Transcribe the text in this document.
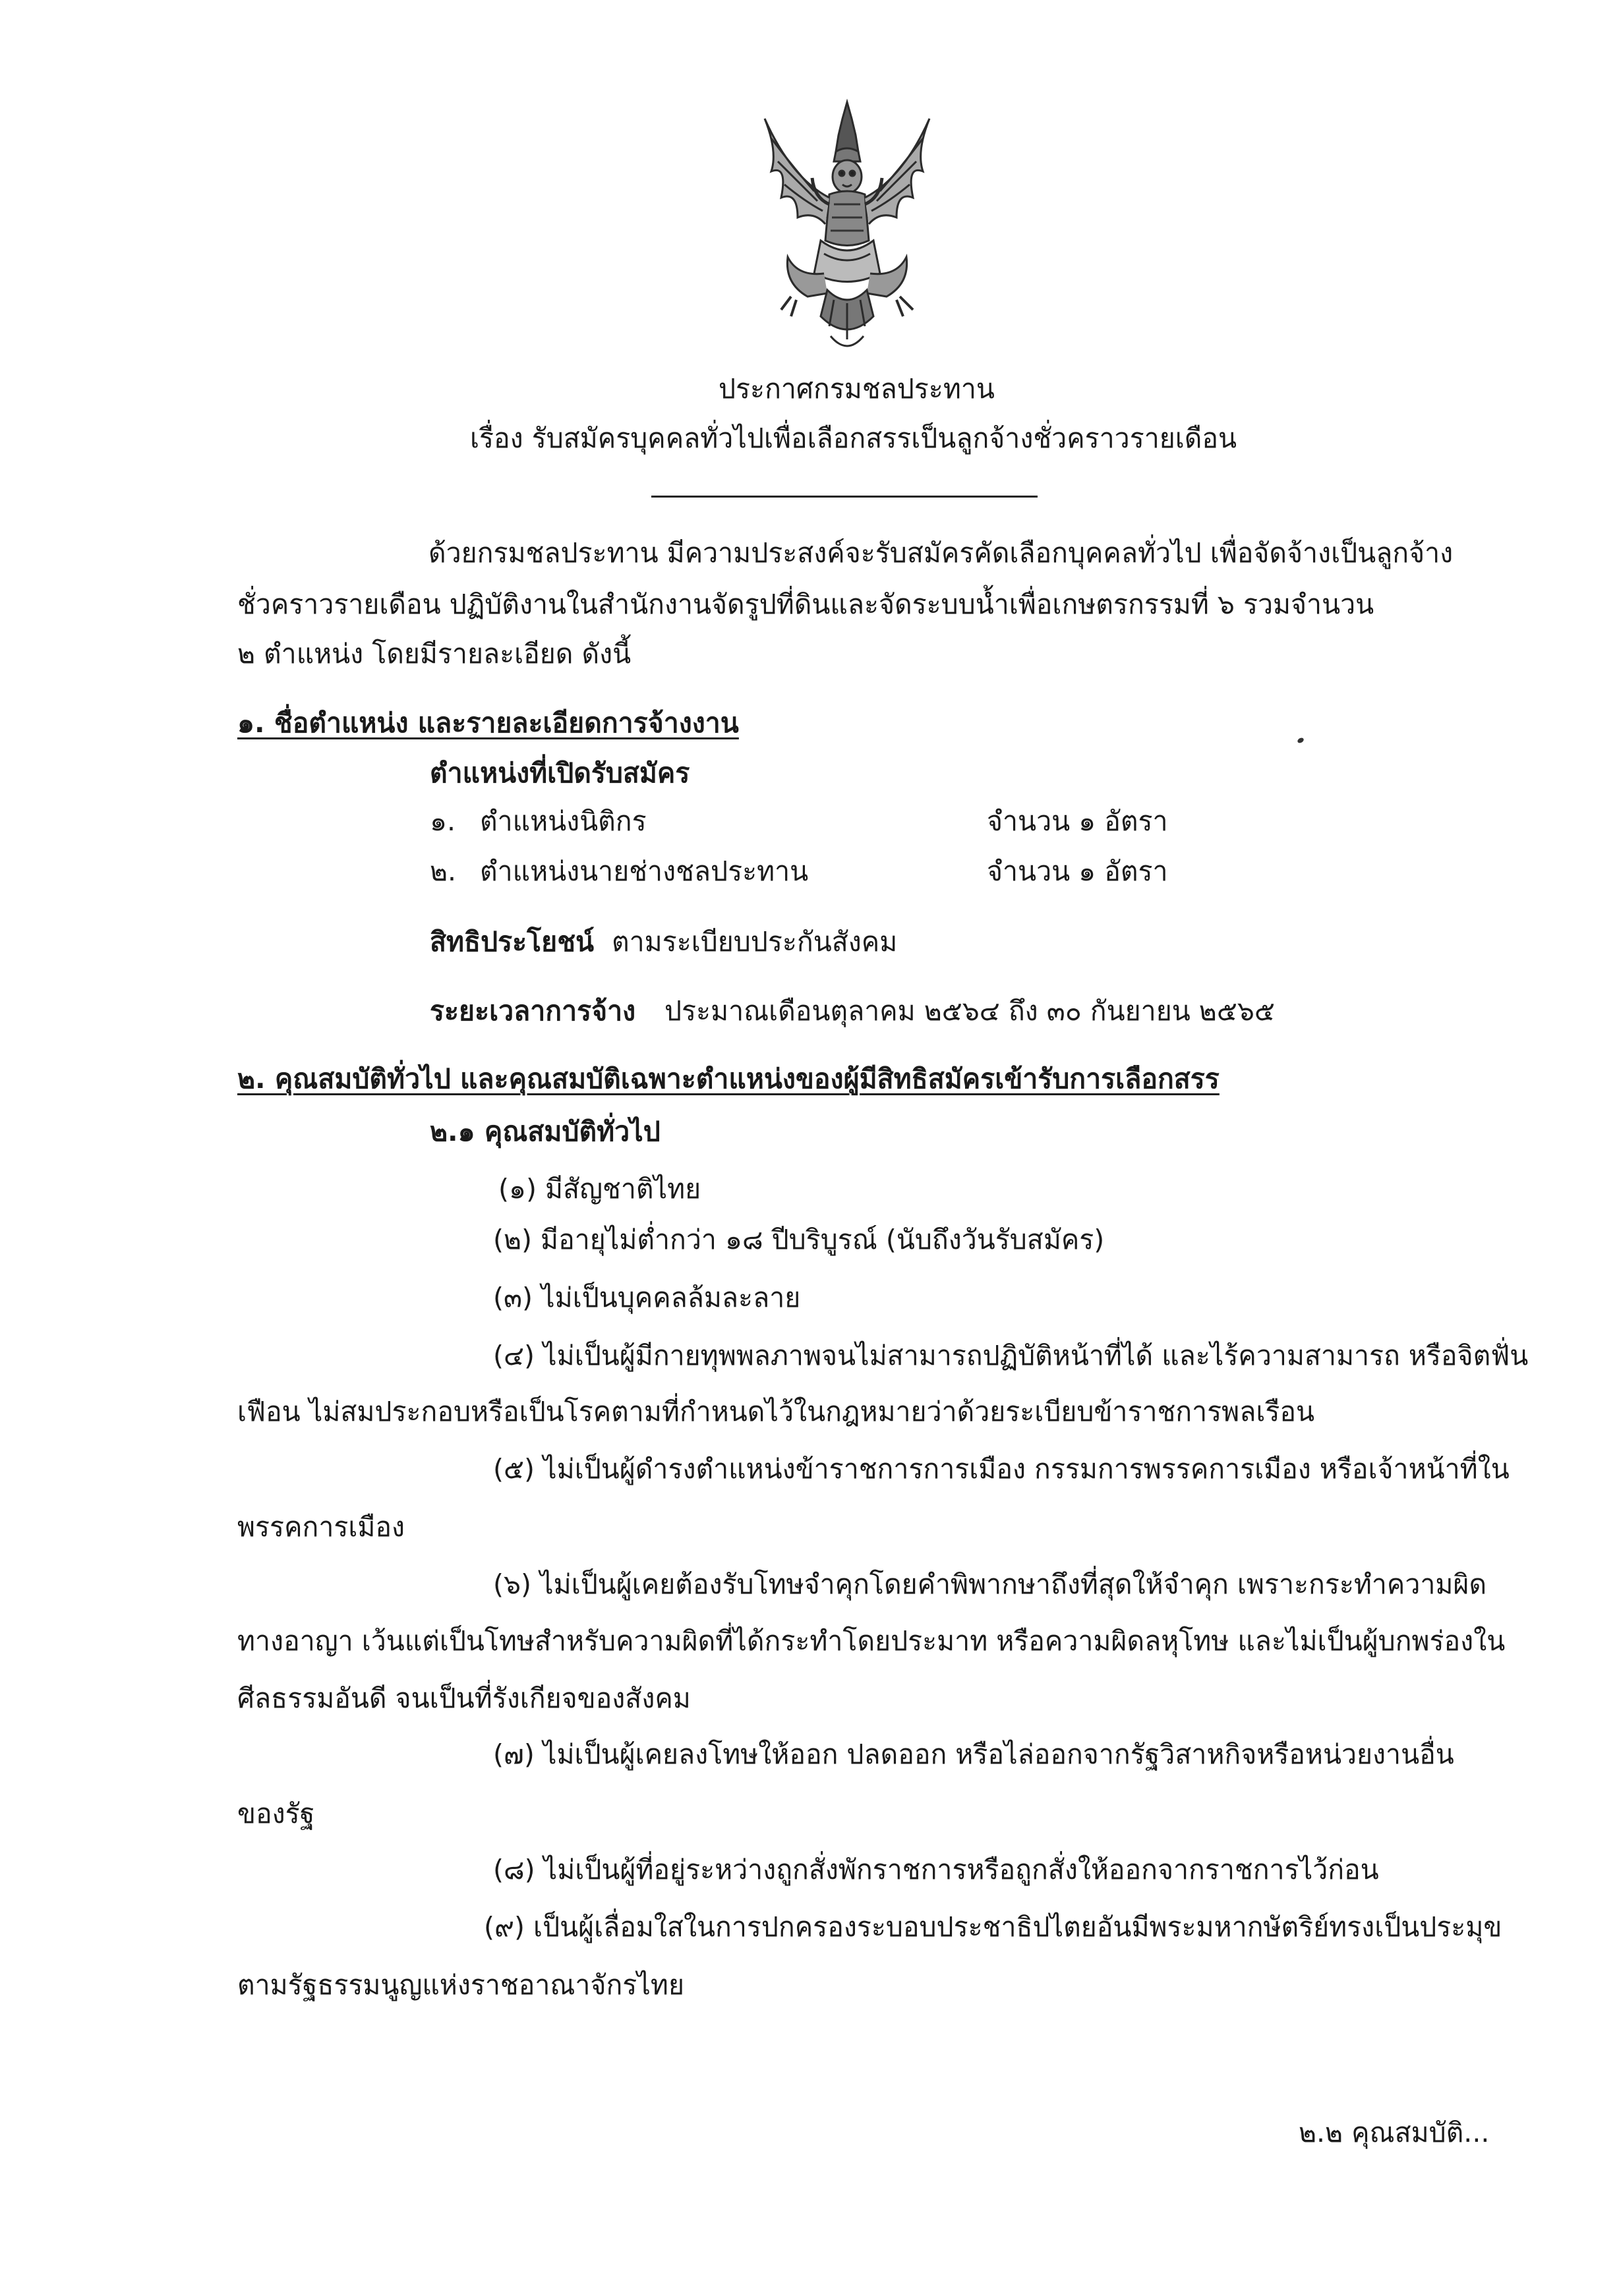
ประกาศกรมชลประทาน
เรื่อง รับสมัครบุคคลทั่วไปเพื่อเลือกสรรเป็นลูกจ้างชั่วคราวรายเดือน
ด้วยกรมชลประทาน มีความประสงค์จะรับสมัครคัดเลือกบุคคลทั่วไป เพื่อจัดจ้างเป็นลูกจ้าง
ชั่วคราวรายเดือน ปฏิบัติงานในสำนักงานจัดรูปที่ดินและจัดระบบน้ำเพื่อเกษตรกรรมที่ ๖ รวมจำนวน
๒ ตำแหน่ง โดยมีรายละเอียด ดังนี้
๑. ชื่อตำแหน่ง และรายละเอียดการจ้างงาน
ตำแหน่งที่เปิดรับสมัคร
๑. ตำแหน่งนิติกร	จำนวน ๑ อัตรา
๒. ตำแหน่งนายช่างชลประทาน	จำนวน ๑ อัตรา
สิทธิประโยชน์ ตามระเบียบประกันสังคม
ระยะเวลาการจ้าง ประมาณเดือนตุลาคม ๒๕๖๔ ถึง ๓๐ กันยายน ๒๕๖๕
๒. คุณสมบัติทั่วไป และคุณสมบัติเฉพาะตำแหน่งของผู้มีสิทธิสมัครเข้ารับการเลือกสรร
๒.๑ คุณสมบัติทั่วไป
(๑) มีสัญชาติไทย
(๒) มีอายุไม่ต่ำกว่า ๑๘ ปีบริบูรณ์ (นับถึงวันรับสมัคร)
(๓) ไม่เป็นบุคคลล้มละลาย
(๔) ไม่เป็นผู้มีกายทุพพลภาพจนไม่สามารถปฏิบัติหน้าที่ได้ และไร้ความสามารถ หรือจิตฟั่น
เฟือน ไม่สมประกอบหรือเป็นโรคตามที่กำหนดไว้ในกฎหมายว่าด้วยระเบียบข้าราชการพลเรือน
(๕) ไม่เป็นผู้ดำรงตำแหน่งข้าราชการการเมือง กรรมการพรรคการเมือง หรือเจ้าหน้าที่ใน
พรรคการเมือง
(๖) ไม่เป็นผู้เคยต้องรับโทษจำคุกโดยคำพิพากษาถึงที่สุดให้จำคุก เพราะกระทำความผิด
ทางอาญา เว้นแต่เป็นโทษสำหรับความผิดที่ได้กระทำโดยประมาท หรือความผิดลหุโทษ และไม่เป็นผู้บกพร่องใน
ศีลธรรมอันดี จนเป็นที่รังเกียจของสังคม
(๗) ไม่เป็นผู้เคยลงโทษให้ออก ปลดออก หรือไล่ออกจากรัฐวิสาหกิจหรือหน่วยงานอื่น
ของรัฐ
(๘) ไม่เป็นผู้ที่อยู่ระหว่างถูกสั่งพักราชการหรือถูกสั่งให้ออกจากราชการไว้ก่อน
(๙) เป็นผู้เลื่อมใสในการปกครองระบอบประชาธิปไตยอันมีพระมหากษัตริย์ทรงเป็นประมุข
ตามรัฐธรรมนูญแห่งราชอาณาจักรไทย
๒.๒ คุณสมบัติ...
